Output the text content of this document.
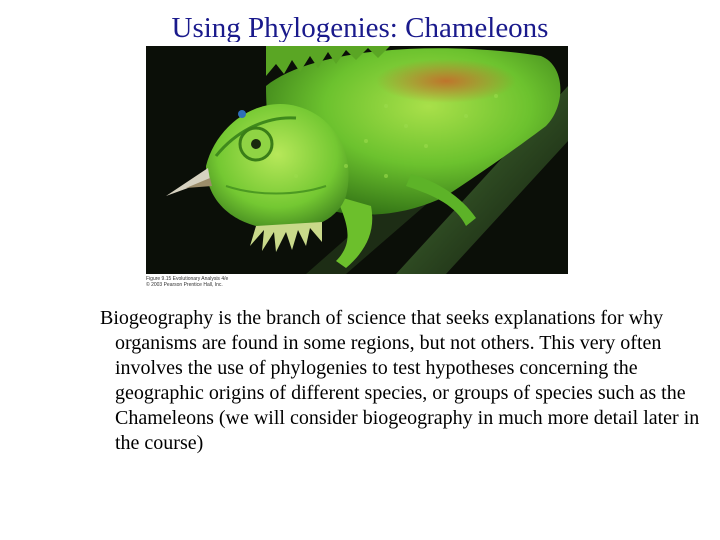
Using Phylogenies: Chameleons
Figure 9.15 Evolutionary Analysis 4/e
© 2003 Pearson Prentice Hall, Inc.
Biogeography is the branch of science that seeks explanations for why organisms are found in some regions, but not others. This very often involves the use of phylogenies to test hypotheses concerning the geographic origins of different species, or groups of species such as the Chameleons (we will consider biogeography in much more detail later in the course)
